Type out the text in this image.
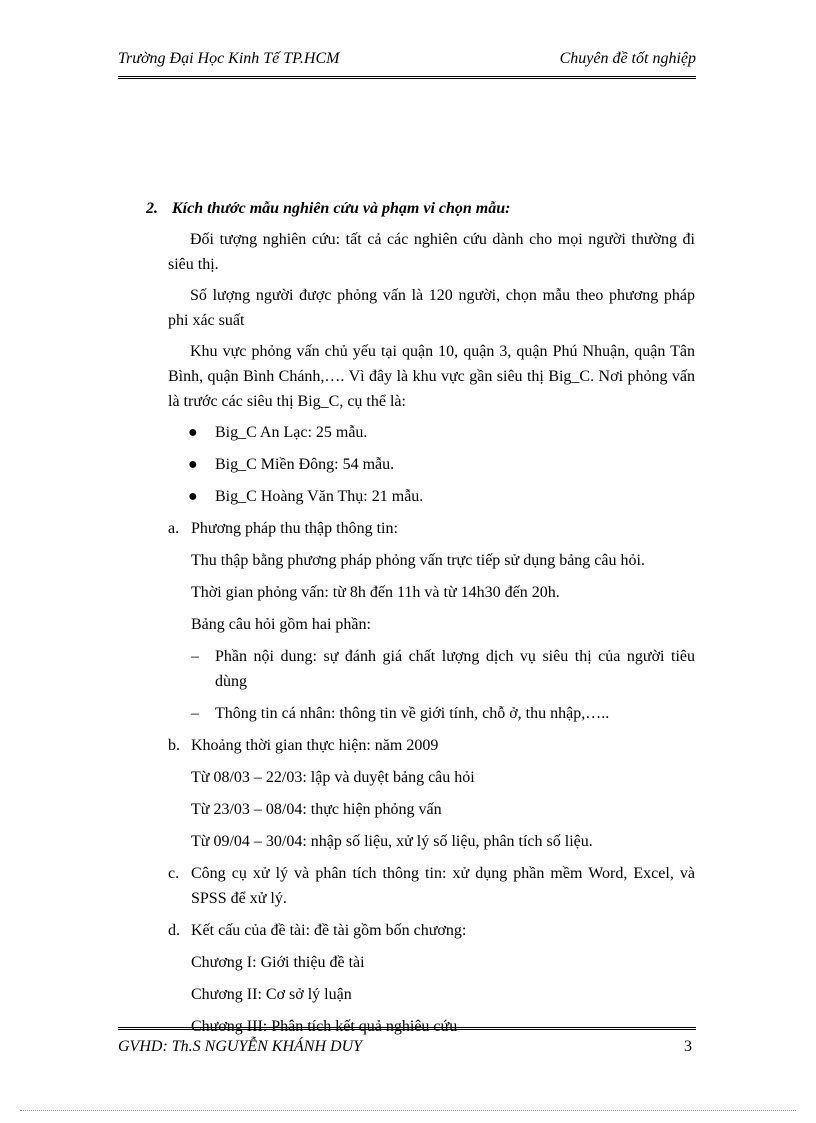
Trường Đại Học Kinh Tế TP.HCM	Chuyên đề tốt nghiệp
2. Kích thước mẫu nghiên cứu và phạm vi chọn mẫu:
Đối tượng nghiên cứu: tất cả các nghiên cứu dành cho mọi người thường đi siêu thị.
Số lượng người được phỏng vấn là 120 người, chọn mẫu theo phương pháp phi xác suất
Khu vực phỏng vấn chủ yếu tại quận 10, quận 3, quận Phú Nhuận, quận Tân Bình, quận Bình Chánh,…. Vì đây là khu vực gần siêu thị Big_C. Nơi phỏng vấn là trước các siêu thị Big_C, cụ thể là:
● Big_C An Lạc: 25 mẫu.
● Big_C Miền Đông: 54 mẫu.
● Big_C Hoàng Văn Thụ: 21 mẫu.
a. Phương pháp thu thập thông tin:
Thu thập bằng phương pháp phỏng vấn trực tiếp sử dụng bảng câu hỏi.
Thời gian phỏng vấn: từ 8h đến 11h và từ 14h30 đến 20h.
Bảng câu hỏi gồm hai phần:
– Phần nội dung: sự đánh giá chất lượng dịch vụ siêu thị của người tiêu dùng
– Thông tin cá nhân: thông tin về giới tính, chỗ ở, thu nhập,…..
b. Khoảng thời gian thực hiện: năm 2009
Từ 08/03 – 22/03: lập và duyệt bảng câu hỏi
Từ 23/03 – 08/04: thực hiện phỏng vấn
Từ 09/04 – 30/04: nhập số liệu, xử lý số liệu, phân tích số liệu.
c. Công cụ xử lý và phân tích thông tin: xử dụng phần mềm Word, Excel, và SPSS để xử lý.
d. Kết cấu của đề tài: đề tài gồm bốn chương:
Chương I: Giới thiệu đề tài
Chương II: Cơ sở lý luận
Chương III: Phân tích kết quả nghiêu cứu
GVHD: Th.S NGUYỄN KHÁNH DUY	3
